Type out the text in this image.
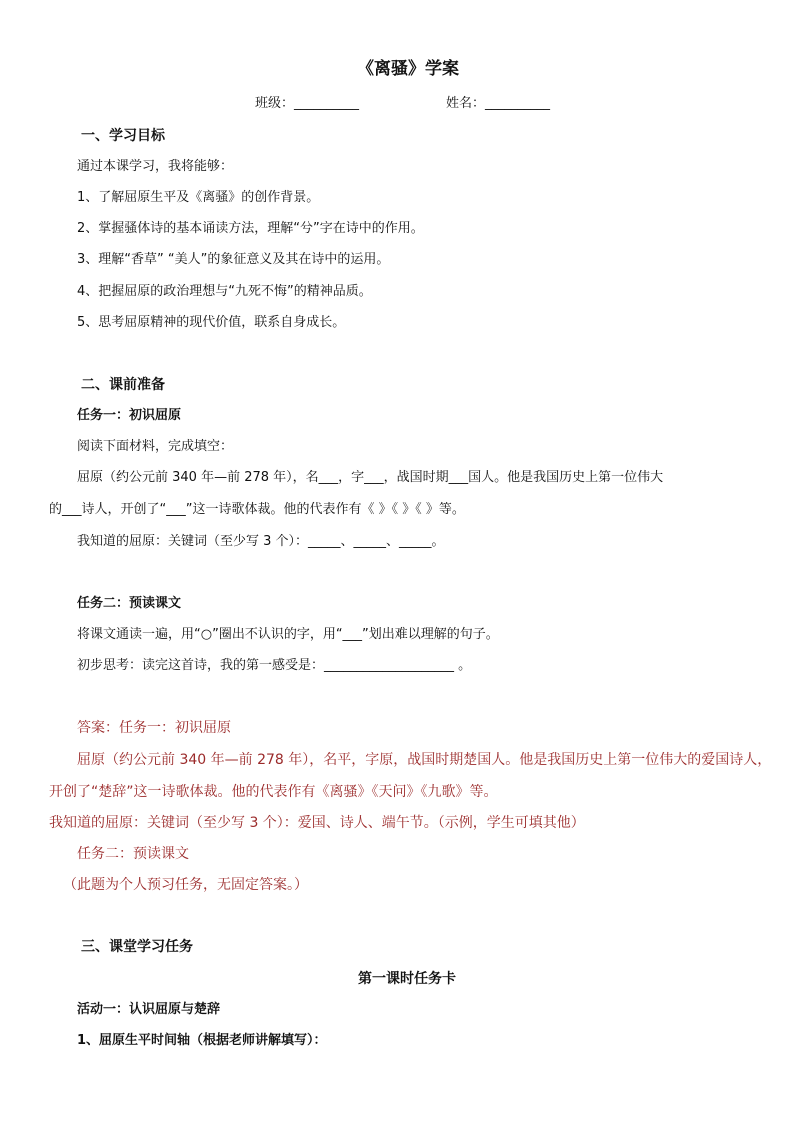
《离骚》学案
班级：__________	姓名：__________
一、学习目标
通过本课学习，我将能够：
1、了解屈原生平及《离骚》的创作背景。
2、掌握骚体诗的基本诵读方法，理解“兮”字在诗中的作用。
3、理解“香草” “美人”的象征意义及其在诗中的运用。
4、把握屈原的政治理想与“九死不悔”的精神品质。
5、思考屈原精神的现代价值，联系自身成长。
二、课前准备
任务一：初识屈原
阅读下面材料，完成填空：
屈原（约公元前 340 年—前 278 年），名___，字___，战国时期___国人。他是我国历史上第一位伟大
的___诗人，开创了“___”这一诗歌体裁。他的代表作有《 》《 》《 》等。
我知道的屈原：关键词（至少写 3 个）：_____、_____、_____。
任务二：预读课文
将课文通读一遍，用“○”圈出不认识的字，用“___”划出难以理解的句子。
初步思考：读完这首诗，我的第一感受是：____________________ 。
答案：任务一：初识屈原
屈原（约公元前 340 年—前 278 年），名平，字原，战国时期楚国人。他是我国历史上第一位伟大的爱国诗人，
开创了“楚辞”这一诗歌体裁。他的代表作有《离骚》《天问》《九歌》等。
我知道的屈原：关键词（至少写 3 个）：爱国、诗人、端午节。（示例，学生可填其他）
任务二：预读课文
（此题为个人预习任务，无固定答案。）
三、课堂学习任务
第一课时任务卡
活动一：认识屈原与楚辞
1、屈原生平时间轴（根据老师讲解填写）：
